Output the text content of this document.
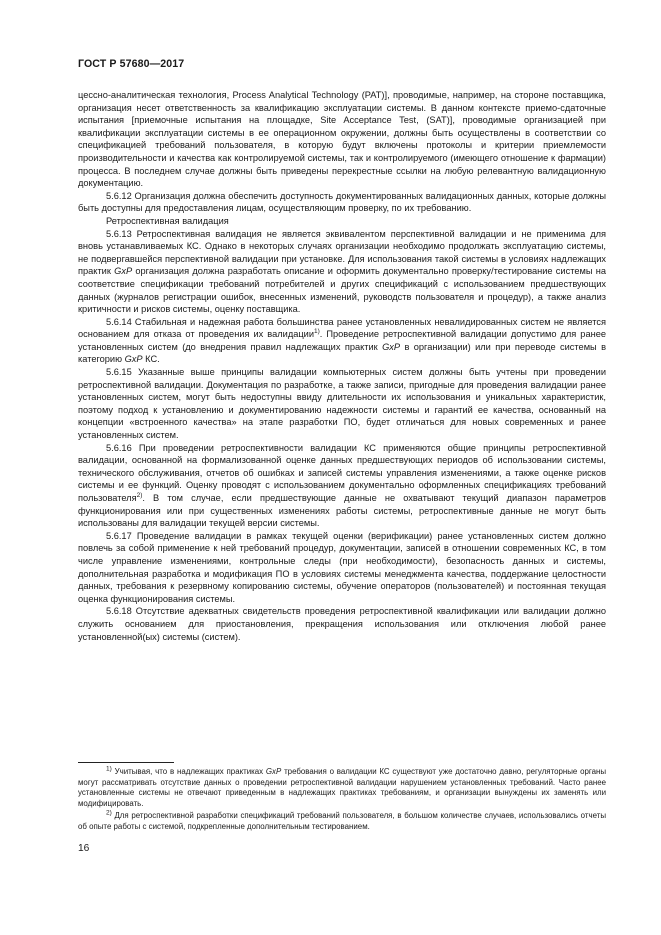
ГОСТ Р 57680—2017

цессно-аналитическая технология, Process Analytical Technology (PAT)], проводимые, например, на стороне поставщика, организация несет ответственность за квалификацию эксплуатации системы. В данном контексте приемо-сдаточные испытания [приемочные испытания на площадке, Site Acceptance Test, (SAT)], проводимые организацией при квалификации эксплуатации системы в ее операционном окружении, должны быть осуществлены в соответствии со спецификацией требований пользователя, в которую будут включены протоколы и критерии приемлемости производительности и качества как контролируемой системы, так и контролируемого (имеющего отношение к фармации) процесса. В последнем случае должны быть приведены перекрестные ссылки на любую релевантную валидационную документацию.

5.6.12 Организация должна обеспечить доступность документированных валидационных данных, которые должны быть доступны для предоставления лицам, осуществляющим проверку, по их требованию.

Ретроспективная валидация

5.6.13 Ретроспективная валидация не является эквивалентом перспективной валидации и не применима для вновь устанавливаемых КС. Однако в некоторых случаях организации необходимо продолжать эксплуатацию системы, не подвергавшейся перспективной валидации при установке. Для использования такой системы в условиях надлежащих практик GxP организация должна разработать описание и оформить документально проверку/тестирование системы на соответствие спецификации требований потребителей и других спецификаций с использованием предшествующих данных (журналов регистрации ошибок, внесенных изменений, руководств пользователя и процедур), а также анализ критичности и рисков системы, оценку поставщика.

5.6.14 Стабильная и надежная работа большинства ранее установленных невалидированных систем не является основанием для отказа от проведения их валидации$^{1)}$. Проведение ретроспективной валидации допустимо для ранее установленных систем (до внедрения правил надлежащих практик GxP в организации) или при переводе системы в категорию GxP КС.

5.6.15 Указанные выше принципы валидации компьютерных систем должны быть учтены при проведении ретроспективной валидации. Документация по разработке, а также записи, пригодные для проведения валидации ранее установленных систем, могут быть недоступны ввиду длительности их использования и уникальных характеристик, поэтому подход к установлению и документированию надежности системы и гарантий ее качества, основанный на концепции «встроенного качества» на этапе разработки ПО, будет отличаться для новых современных и ранее установленных систем.

5.6.16 При проведении ретроспективности валидации КС применяются общие принципы ретроспективной валидации, основанной на формализованной оценке данных предшествующих периодов об использовании системы, технического обслуживания, отчетов об ошибках и записей системы управления изменениями, а также оценке рисков системы и ее функций. Оценку проводят с использованием документально оформленных спецификациях требований пользователя$^{2)}$. В том случае, если предшествующие данные не охватывают текущий диапазон параметров функционирования или при существенных изменениях работы системы, ретроспективные данные не могут быть использованы для валидации текущей версии системы.

5.6.17 Проведение валидации в рамках текущей оценки (верификации) ранее установленных систем должно повлечь за собой применение к ней требований процедур, документации, записей в отношении современных КС, в том числе управление изменениями, контрольные следы (при необходимости), безопасность данных и системы, дополнительная разработка и модификация ПО в условиях системы менеджмента качества, поддержание целостности данных, требования к резервному копированию системы, обучение операторов (пользователей) и постоянная текущая оценка функционирования системы.

5.6.18 Отсутствие адекватных свидетельств проведения ретроспективной квалификации или валидации должно служить основанием для приостановления, прекращения использования или отключения любой ранее установленной(ых) системы (систем).

$^{1)}$ Учитывая, что в надлежащих практиках GxP требования о валидации КС существуют уже достаточно давно, регуляторные органы могут рассматривать отсутствие данных о проведении ретроспективной валидации нарушением установленных требований. Часто ранее установленные системы не отвечают приведенным в надлежащих практиках требованиям, и организации вынуждены их заменять или модифицировать.

$^{2)}$ Для ретроспективной разработки спецификаций требований пользователя, в большом количестве случаев, использовались отчеты об опыте работы с системой, подкрепленные дополнительным тестированием.

16
